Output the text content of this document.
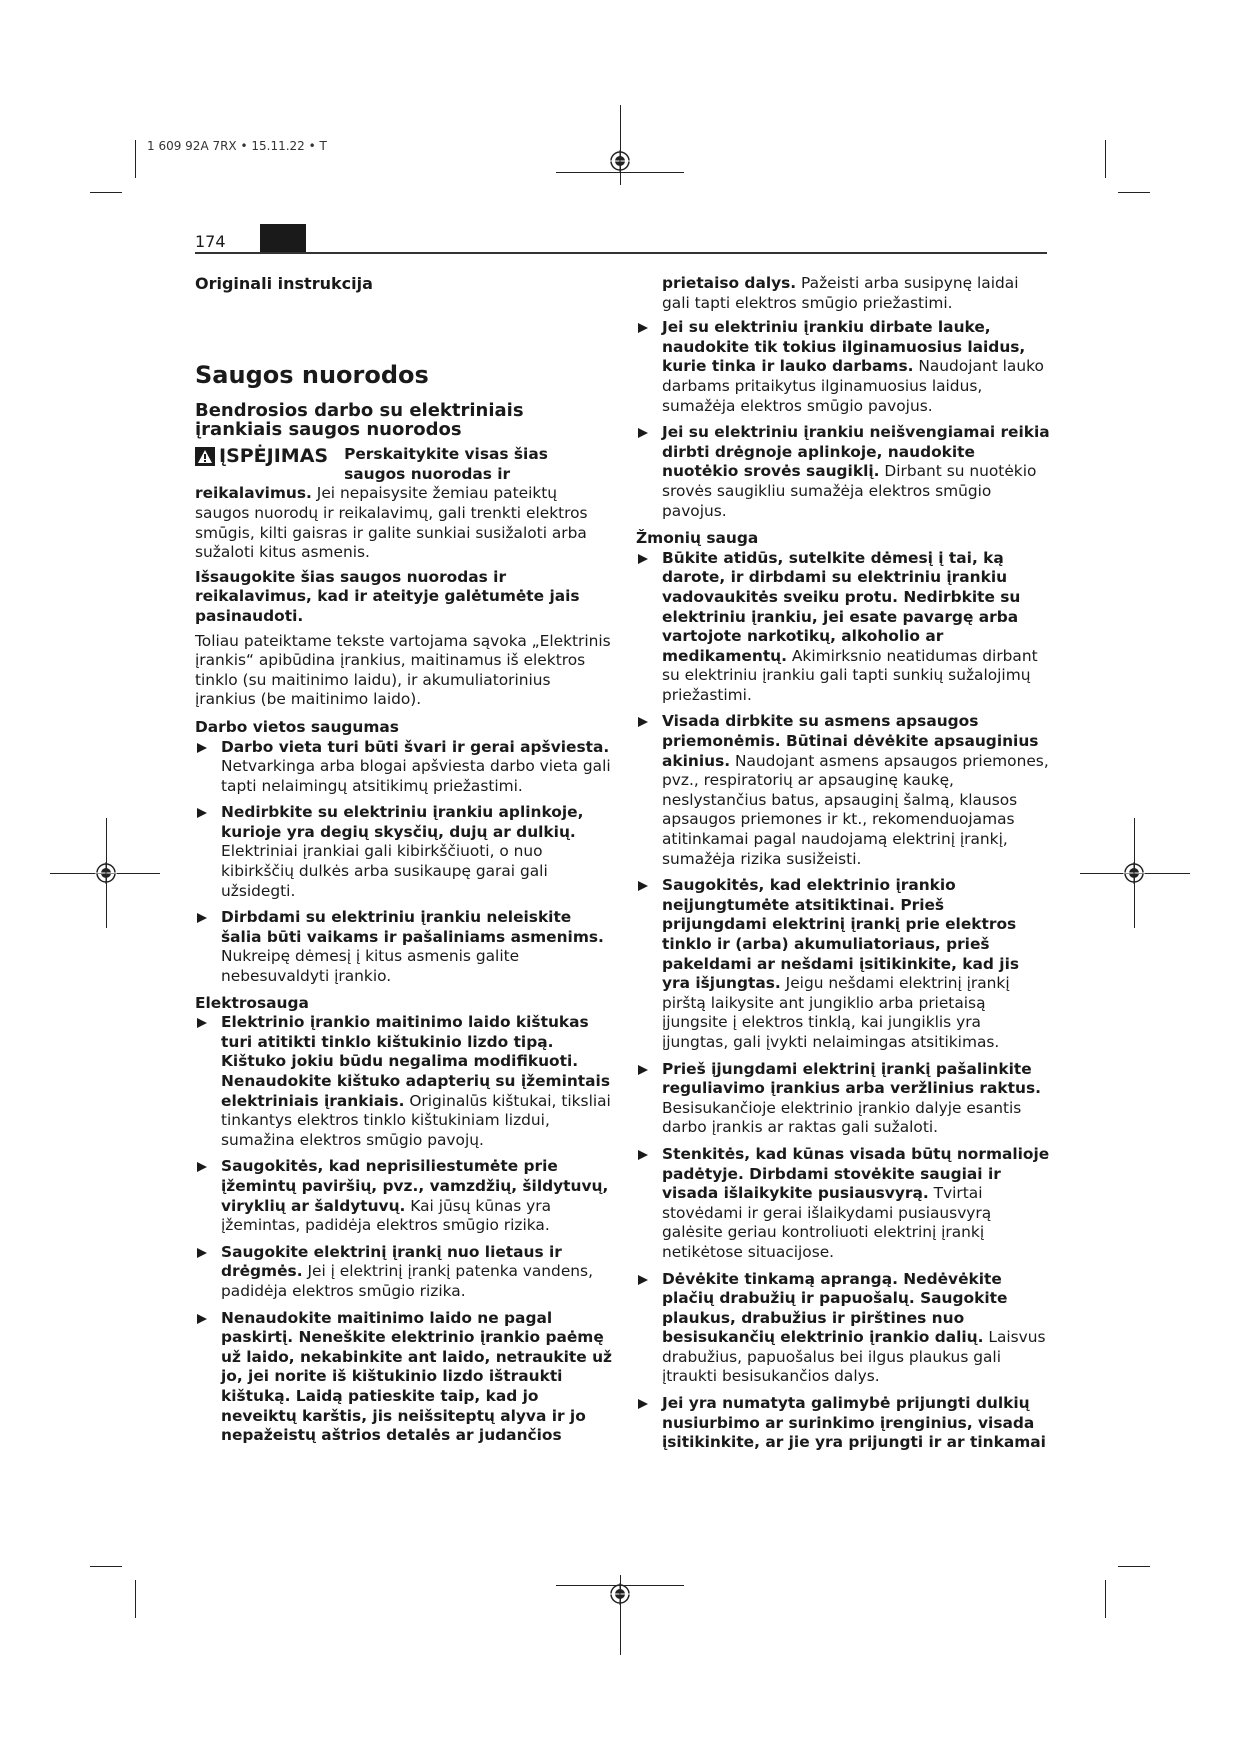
1 609 92A 7RX • 15.11.22 • T
174

Originali instrukcija

Saugos nuorodos
Bendrosios darbo su elektriniais įrankiais saugos nuorodos
ĮSPĖJIMAS Perskaitykite visas šias saugos nuorodas ir reikalavimus. Jei nepaisysite žemiau pateiktų saugos nuorodų ir reikalavimų, gali trenkti elektros smūgis, kilti gaisras ir galite sunkiai susižaloti arba sužaloti kitus asmenis.

Išsaugokite šias saugos nuorodas ir reikalavimus, kad ir ateityje galėtumėte jais pasinaudoti.

Toliau pateiktame tekste vartojama sąvoka „Elektrinis įrankis“ apibūdina įrankius, maitinamus iš elektros tinklo (su maitinimo laidu), ir akumuliatorinius įrankius (be maitinimo laido).

Darbo vietos saugumas

Darbo vieta turi būti švari ir gerai apšviesta. Netvarkinga arba blogai apšviesta darbo vieta gali tapti nelaimingų atsitikimų priežastimi.
Nedirbkite su elektriniu įrankiu aplinkoje, kurioje yra degių skysčių, dujų ar dulkių. Elektriniai įrankiai gali kibirkščiuoti, o nuo kibirkščių dulkės arba susikaupę garai gali užsidegti.
Dirbdami su elektriniu įrankiu neleiskite šalia būti vaikams ir pašaliniams asmenims. Nukreipę dėmesį į kitus asmenis galite nebesuvaldyti įrankio.

Elektrosauga

Elektrinio įrankio maitinimo laido kištukas turi atitikti tinklo kištukinio lizdo tipą. Kištuko jokiu būdu negalima modifikuoti. Nenaudokite kištuko adapterių su įžemintais elektriniais įrankiais. Originalūs kištukai, tiksliai tinkantys elektros tinklo kištukiniam lizdui, sumažina elektros smūgio pavojų.
Saugokitės, kad neprisiliestumėte prie įžemintų paviršių, pvz., vamzdžių, šildytuvų, viryklių ar šaldytuvų. Kai jūsų kūnas yra įžemintas, padidėja elektros smūgio rizika.
Saugokite elektrinį įrankį nuo lietaus ir drėgmės. Jei į elektrinį įrankį patenka vandens, padidėja elektros smūgio rizika.
Nenaudokite maitinimo laido ne pagal paskirtį. Neneškite elektrinio įrankio paėmę už laido, nekabinkite ant laido, netraukite už jo, jei norite iš kištukinio lizdo ištraukti kištuką. Laidą patieskite taip, kad jo neveiktų karštis, jis neišsiteptų alyva ir jo nepažeistų aštrios detalės ar judančios

prietaiso dalys. Pažeisti arba susipynę laidai gali tapti elektros smūgio priežastimi.

Jei su elektriniu įrankiu dirbate lauke, naudokite tik tokius ilginamuosius laidus, kurie tinka ir lauko darbams. Naudojant lauko darbams pritaikytus ilginamuosius laidus, sumažėja elektros smūgio pavojus.
Jei su elektriniu įrankiu neišvengiamai reikia dirbti drėgnoje aplinkoje, naudokite nuotėkio srovės saugiklį. Dirbant su nuotėkio srovės saugikliu sumažėja elektros smūgio pavojus.

Žmonių sauga

Būkite atidūs, sutelkite dėmesį į tai, ką darote, ir dirbdami su elektriniu įrankiu vadovaukitės sveiku protu. Nedirbkite su elektriniu įrankiu, jei esate pavargę arba vartojote narkotikų, alkoholio ar medikamentų. Akimirksnio neatidumas dirbant su elektriniu įrankiu gali tapti sunkių sužalojimų priežastimi.
Visada dirbkite su asmens apsaugos priemonėmis. Būtinai dėvėkite apsauginius akinius. Naudojant asmens apsaugos priemones, pvz., respiratorių ar apsauginę kaukę, neslystančius batus, apsauginį šalmą, klausos apsaugos priemones ir kt., rekomenduojamas atitinkamai pagal naudojamą elektrinį įrankį, sumažėja rizika susižeisti.
Saugokitės, kad elektrinio įrankio neįjungtumėte atsitiktinai. Prieš prijungdami elektrinį įrankį prie elektros tinklo ir (arba) akumuliatoriaus, prieš pakeldami ar nešdami įsitikinkite, kad jis yra išjungtas. Jeigu nešdami elektrinį įrankį pirštą laikysite ant jungiklio arba prietaisą įjungsite į elektros tinklą, kai jungiklis yra įjungtas, gali įvykti nelaimingas atsitikimas.
Prieš įjungdami elektrinį įrankį pašalinkite reguliavimo įrankius arba veržlinius raktus. Besisukančioje elektrinio įrankio dalyje esantis darbo įrankis ar raktas gali sužaloti.
Stenkitės, kad kūnas visada būtų normalioje padėtyje. Dirbdami stovėkite saugiai ir visada išlaikykite pusiausvyrą. Tvirtai stovėdami ir gerai išlaikydami pusiausvyrą galėsite geriau kontroliuoti elektrinį įrankį netikėtose situacijose.
Dėvėkite tinkamą aprangą. Nedėvėkite plačių drabužių ir papuošalų. Saugokite plaukus, drabužius ir pirštines nuo besisukančių elektrinio įrankio dalių. Laisvus drabužius, papuošalus bei ilgus plaukus gali įtraukti besisukančios dalys.
Jei yra numatyta galimybė prijungti dulkių nusiurbimo ar surinkimo įrenginius, visada įsitikinkite, ar jie yra prijungti ir ar tinkamai
